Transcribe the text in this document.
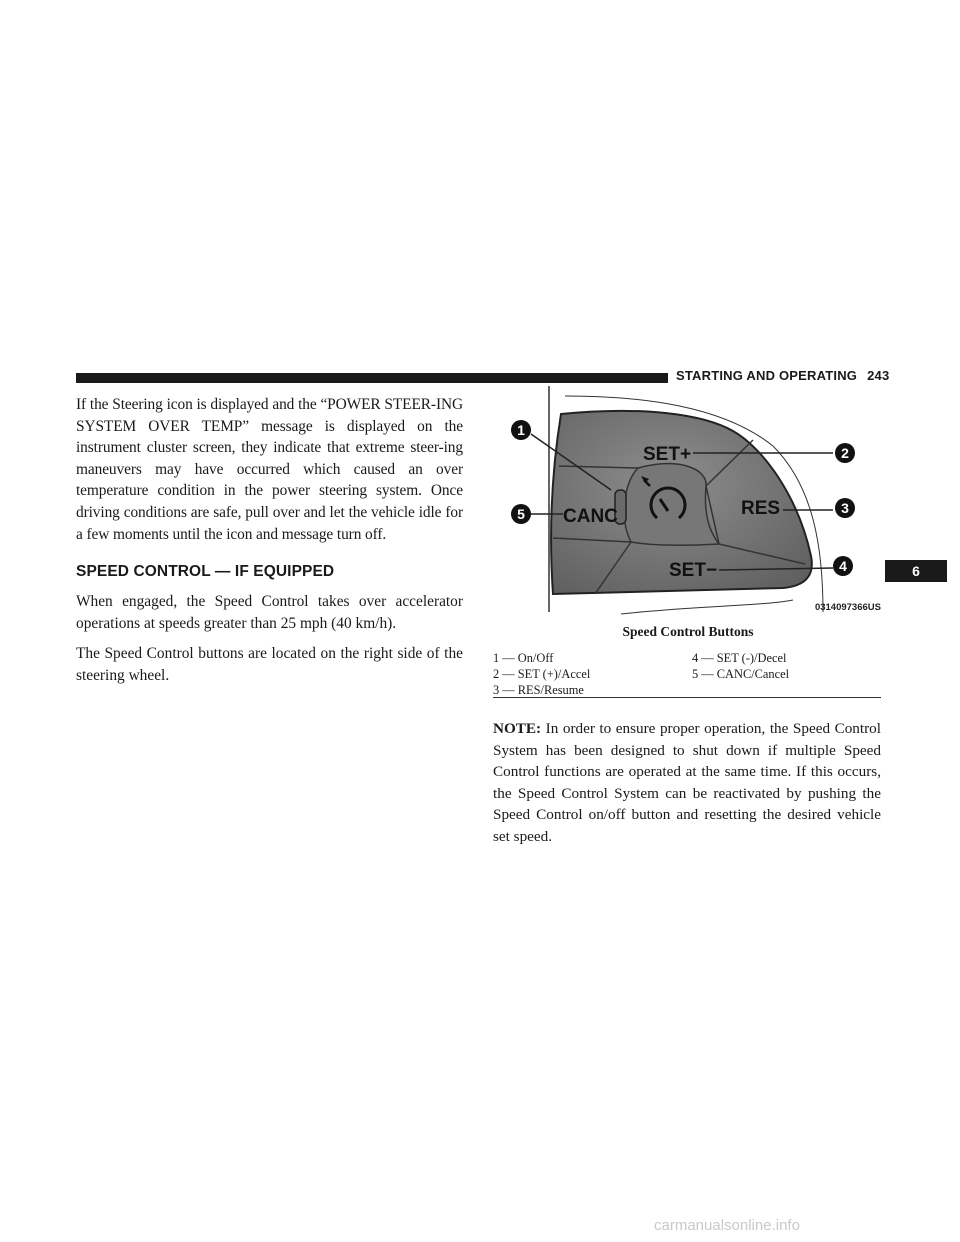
STARTING AND OPERATING 243

If the Steering icon is displayed and the “POWER STEER-ING SYSTEM OVER TEMP” message is displayed on the instrument cluster screen, they indicate that extreme steer-ing maneuvers may have occurred which caused an over temperature condition in the power steering system. Once driving conditions are safe, pull over and let the vehicle idle for a few moments until the icon and message turn off.

SPEED CONTROL — IF EQUIPPED

When engaged, the Speed Control takes over accelerator operations at speeds greater than 25 mph (40 km/h).

The Speed Control buttons are located on the right side of the steering wheel.

SET+
RES
CANC
SET−
1
2
3
4
5
0314097366US
Speed Control Buttons
1 — On/Off	4 — SET (-)/Decel
2 — SET (+)/Accel	5 — CANC/Cancel
3 — RES/Resume

NOTE: In order to ensure proper operation, the Speed Control System has been designed to shut down if multiple Speed Control functions are operated at the same time. If this occurs, the Speed Control System can be reactivated by pushing the Speed Control on/off button and resetting the desired vehicle set speed.

6
carmanualsonline.info
